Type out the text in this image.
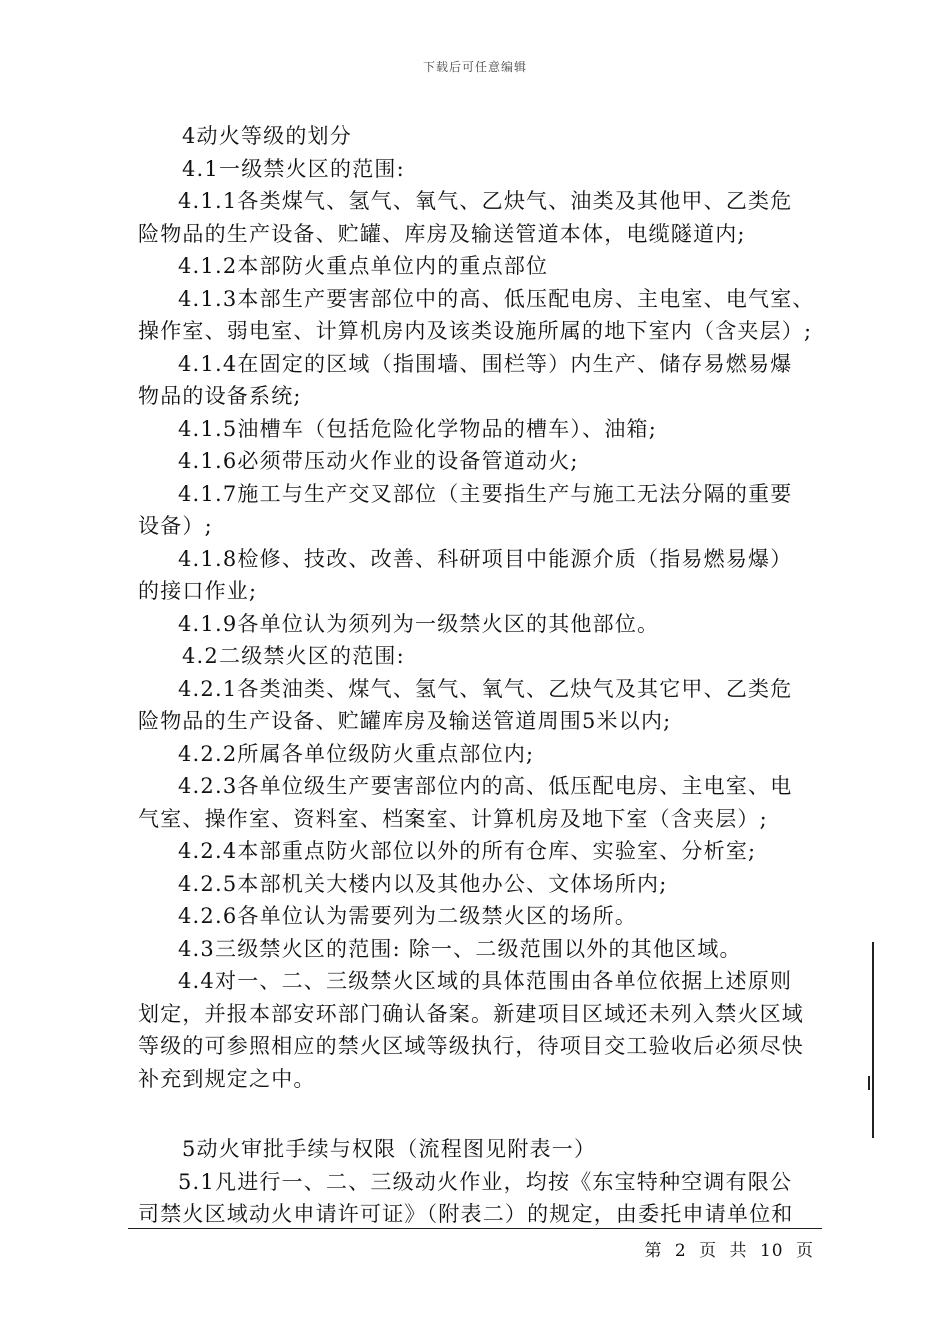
下载后可任意编辑
4动火等级的划分
4.1一级禁火区的范围:
4.1.1各类煤气、氢气、氧气、乙炔气、油类及其他甲、乙类危
险物品的生产设备、贮罐、库房及输送管道本体，电缆隧道内;
4.1.2本部防火重点单位内的重点部位
4.1.3本部生产要害部位中的高、低压配电房、主电室、电气室、
操作室、弱电室、计算机房内及该类设施所属的地下室内（含夹层）;
4.1.4在固定的区域（指围墙、围栏等）内生产、储存易燃易爆
物品的设备系统;
4.1.5油槽车（包括危险化学物品的槽车）、油箱;
4.1.6必须带压动火作业的设备管道动火;
4.1.7施工与生产交叉部位（主要指生产与施工无法分隔的重要
设备）;
4.1.8检修、技改、改善、科研项目中能源介质（指易燃易爆）
的接口作业;
4.1.9各单位认为须列为一级禁火区的其他部位。
4.2二级禁火区的范围:
4.2.1各类油类、煤气、氢气、氧气、乙炔气及其它甲、乙类危
险物品的生产设备、贮罐库房及输送管道周围5米以内;
4.2.2所属各单位级防火重点部位内;
4.2.3各单位级生产要害部位内的高、低压配电房、主电室、电
气室、操作室、资料室、档案室、计算机房及地下室（含夹层）;
4.2.4本部重点防火部位以外的所有仓库、实验室、分析室;
4.2.5本部机关大楼内以及其他办公、文体场所内;
4.2.6各单位认为需要列为二级禁火区的场所。
4.3三级禁火区的范围: 除一、二级范围以外的其他区域。
4.4对一、二、三级禁火区域的具体范围由各单位依据上述原则
划定，并报本部安环部门确认备案。新建项目区域还未列入禁火区域
等级的可参照相应的禁火区域等级执行，待项目交工验收后必须尽快
补充到规定之中。
5动火审批手续与权限（流程图见附表一）
5.1凡进行一、二、三级动火作业，均按《东宝特种空调有限公
司禁火区域动火申请许可证》（附表二）的规定，由委托申请单位和
第 2 页 共 10 页
